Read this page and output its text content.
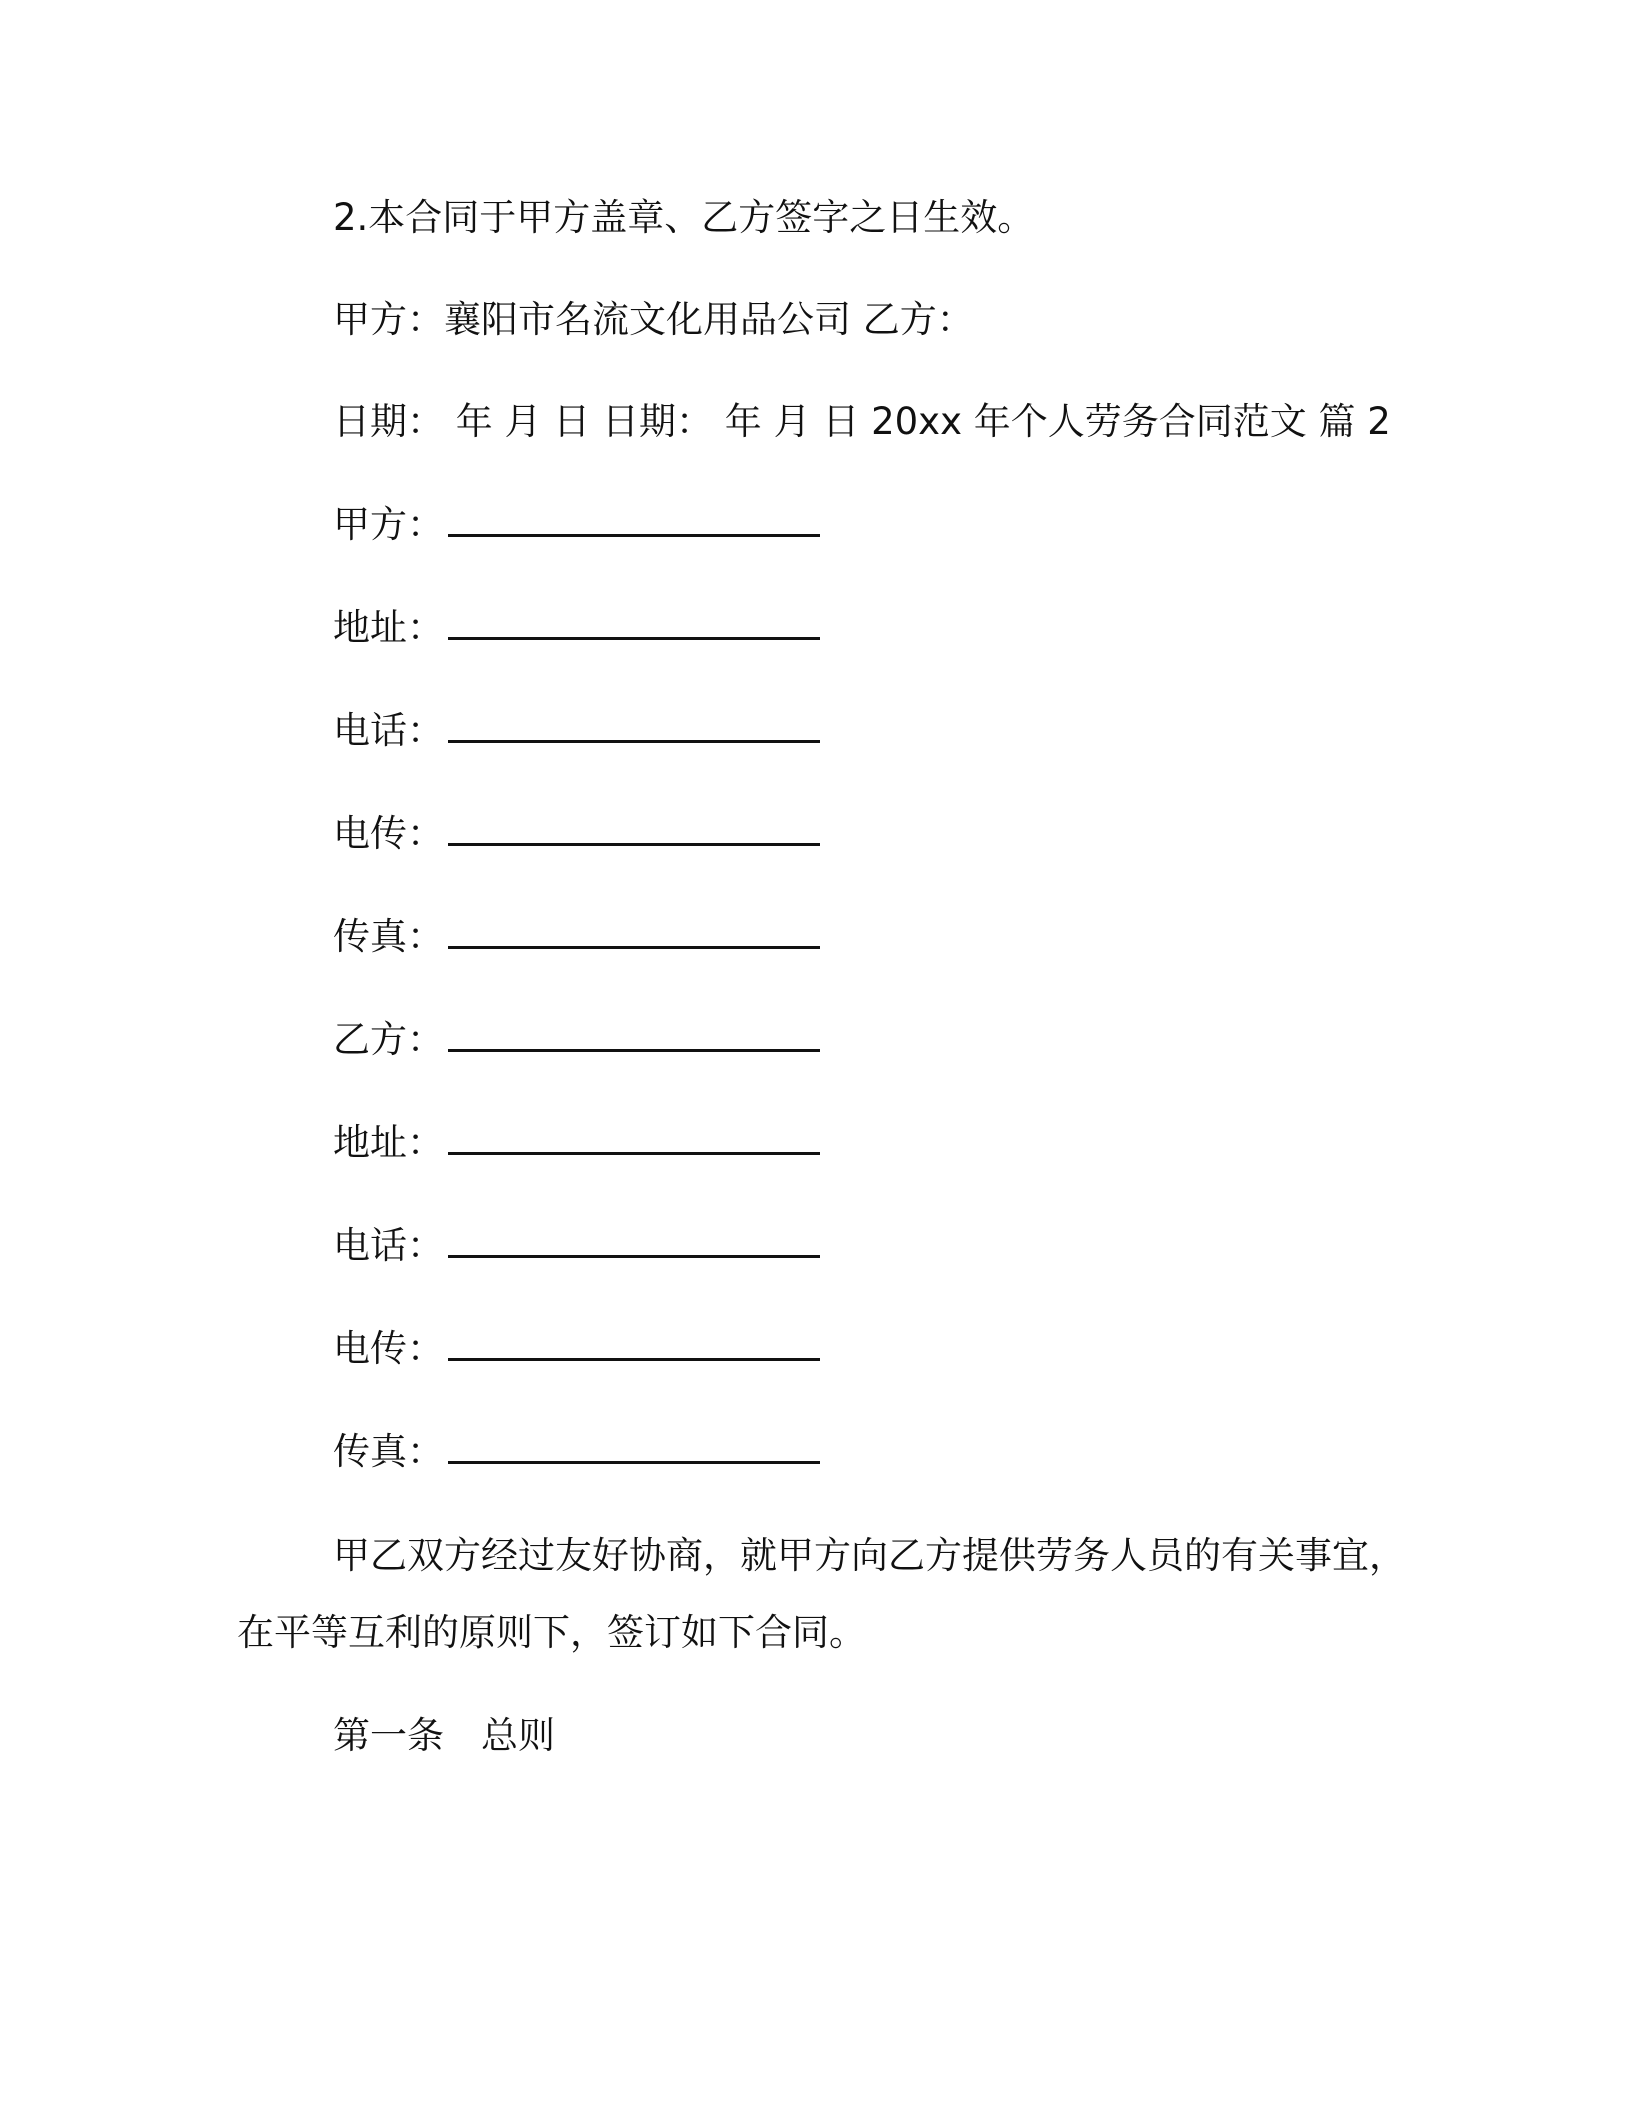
2.本合同于甲方盖章、乙方签字之日生效。
甲方：襄阳市名流文化用品公司 乙方：
日期： 年 月 日 日期： 年 月 日 20xx 年个人劳务合同范文 篇 2
甲方：
地址：
电话：
电传：
传真：
乙方：
地址：
电话：
电传：
传真：
甲乙双方经过友好协商，就甲方向乙方提供劳务人员的有关事宜，
在平等互利的原则下，签订如下合同。
第一条　总则
